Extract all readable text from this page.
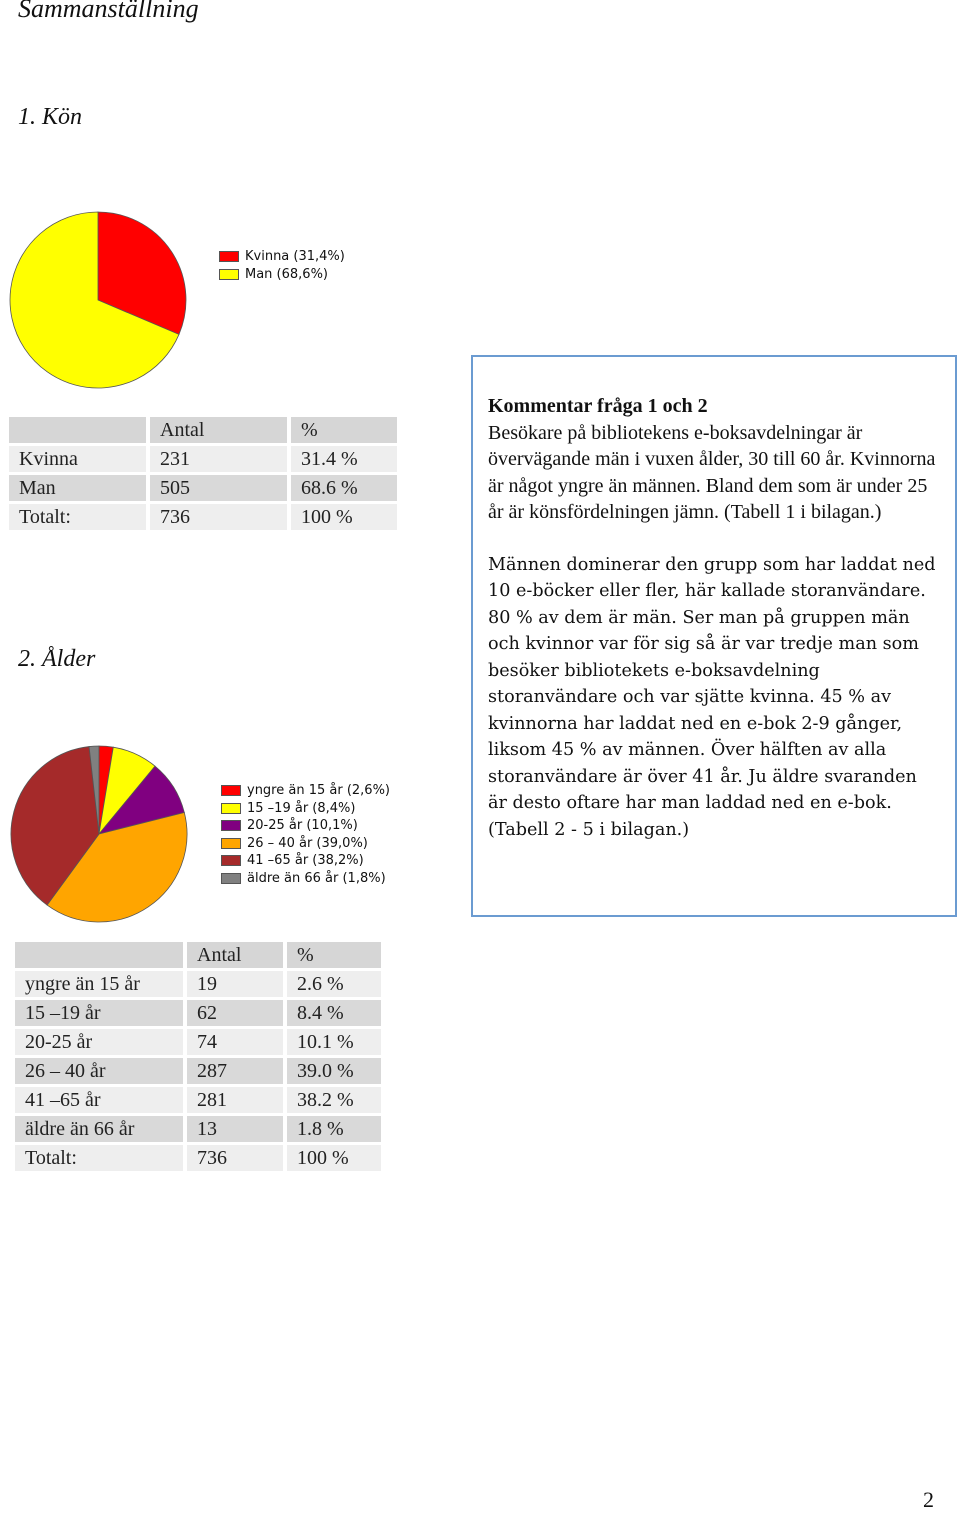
Sammanställning
1. Kön
Kvinna (31,4%)
Man (68,6%)
	Antal	%
Kvinna	231	31.4 %
Man	505	68.6 %
Totalt:	736	100 %
2. Ålder
yngre än 15 år (2,6%)
15 –19 år (8,4%)
20-25 år (10,1%)
26 – 40 år (39,0%)
41 –65 år (38,2%)
äldre än 66 år (1,8%)
	Antal	%
yngre än 15 år	19	2.6 %
15 –19 år	62	8.4 %
20-25 år	74	10.1 %
26 – 40 år	287	39.0 %
41 –65 år	281	38.2 %
äldre än 66 år	13	1.8 %
Totalt:	736	100 %

Kommentar fråga 1 och 2
Besökare på bibliotekens e-boksavdelningar är övervägande män i vuxen ålder, 30 till 60 år. Kvinnorna är något yngre än männen. Bland dem som är under 25 år är könsfördelningen jämn. (Tabell 1 i bilagan.)

Männen dominerar den grupp som har laddat ned 10 e-böcker eller fler, här kallade storanvändare. 80 % av dem är män. Ser man på gruppen män och kvinnor var för sig så är var tredje man som besöker bibliotekets e-boksavdelning storanvändare och var sjätte kvinna. 45 % av kvinnorna har laddat ned en e-bok 2-9 gånger, liksom 45 % av männen. Över hälften av alla storanvändare är över 41 år. Ju äldre svaranden är desto oftare har man laddad ned en e-bok. (Tabell 2 - 5 i bilagan.)

2
